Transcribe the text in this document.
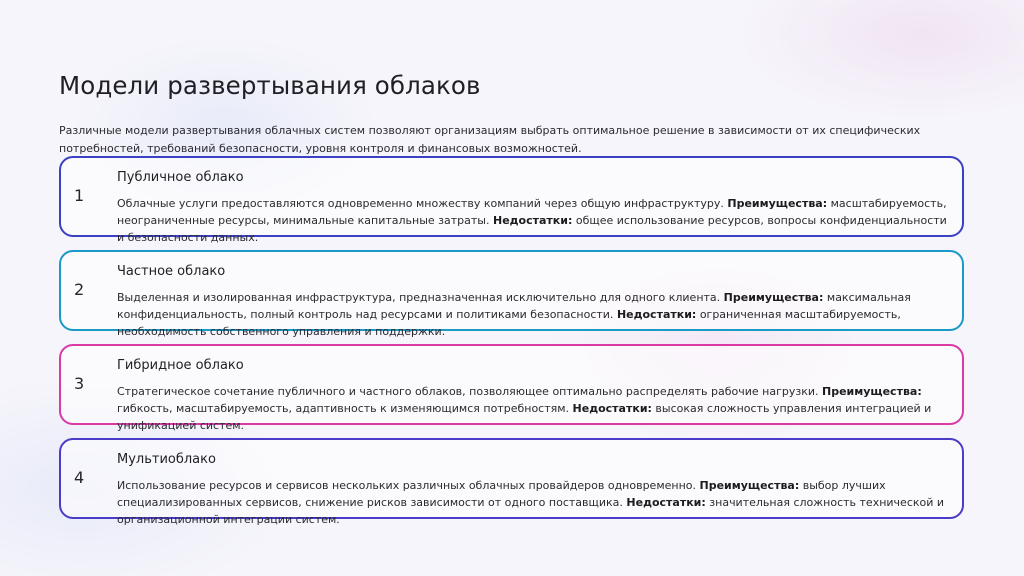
Модели развертывания облаков

Различные модели развертывания облачных систем позволяют организациям выбрать оптимальное решение в зависимости от их специфических потребностей, требований безопасности, уровня контроля и финансовых возможностей.

1
Публичное облако
Облачные услуги предоставляются одновременно множеству компаний через общую инфраструктуру. Преимущества: масштабируемость, неограниченные ресурсы, минимальные капитальные затраты. Недостатки: общее использование ресурсов, вопросы конфиденциальности и безопасности данных.
2
Частное облако
Выделенная и изолированная инфраструктура, предназначенная исключительно для одного клиента. Преимущества: максимальная конфиденциальность, полный контроль над ресурсами и политиками безопасности. Недостатки: ограниченная масштабируемость, необходимость собственного управления и поддержки.
3
Гибридное облако
Стратегическое сочетание публичного и частного облаков, позволяющее оптимально распределять рабочие нагрузки. Преимущества: гибкость, масштабируемость, адаптивность к изменяющимся потребностям. Недостатки: высокая сложность управления интеграцией и унификацией систем.
4
Мультиоблако
Использование ресурсов и сервисов нескольких различных облачных провайдеров одновременно. Преимущества: выбор лучших специализированных сервисов, снижение рисков зависимости от одного поставщика. Недостатки: значительная сложность технической и организационной интеграции систем.
